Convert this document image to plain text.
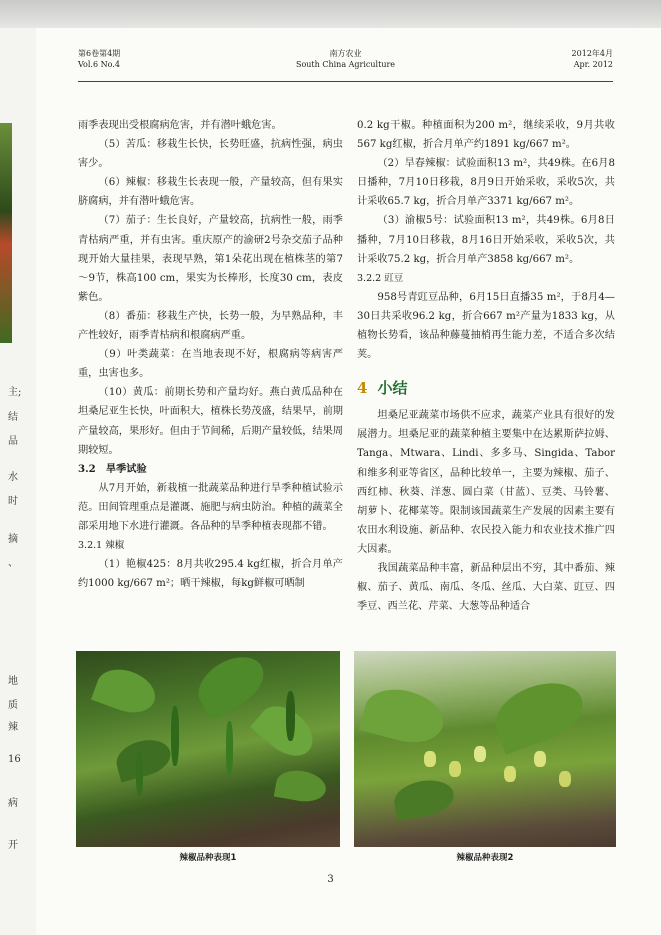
主;
结
品
水
时
摘
、
地
质
辣
16
病
开
第6卷第4期
Vol.6 No.4
南方农业
South China Agriculture
2012年4月
Apr. 2012

雨季表现出受根腐病危害，并有潜叶蛾危害。

（5）苦瓜：移栽生长快，长势旺盛，抗病性强，病虫害少。

（6）辣椒：移栽生长表现一般，产量较高，但有果实脐腐病，并有潜叶蛾危害。

（7）茄子：生长良好，产量较高，抗病性一般，雨季青枯病严重，并有虫害。重庆原产的渝研2号杂交茄子品种现开始大量挂果，表现早熟，第1朵花出现在植株茎的第7～9节，株高100 cm，果实为长棒形，长度30 cm，表皮紫色。

（8）番茄：移栽生产快，长势一般，为早熟品种，丰产性较好，雨季青枯病和根腐病严重。

（9）叶类蔬菜：在当地表现不好，根腐病等病害严重，虫害也多。

（10）黄瓜：前期长势和产量均好。燕白黄瓜品种在坦桑尼亚生长快，叶面积大，植株长势茂盛，结果早，前期产量较高，果形好。但由于节间稀，后期产量较低，结果周期较短。

3.2　旱季试验

从7月开始，新栽植一批蔬菜品种进行旱季种植试验示范。田间管理重点是灌溉、施肥与病虫防治。种植的蔬菜全部采用地下水进行灌溉。各品种的旱季种植表现都不错。

3.2.1 辣椒

（1）艳椒425：8月共收295.4 kg红椒，折合月单产约1000 kg/667 m²；晒干辣椒，每kg鲜椒可晒制

0.2 kg干椒。种植面积为200 m²，继续采收，9月共收567 kg红椒，折合月单产约1891 kg/667 m²。

（2）旱春辣椒：试验面积13 m²，共49株。在6月8日播种，7月10日移栽，8月9日开始采收，采收5次，共计采收65.7 kg，折合月单产3371 kg/667 m²。

（3）渝椒5号：试验面积13 m²，共49株。6月8日播种，7月10日移栽，8月16日开始采收，采收5次，共计采收75.2 kg，折合月单产3858 kg/667 m²。

3.2.2 豇豆

958号青豇豆品种，6月15日直播35 m²，于8月4—30日共采收96.2 kg，折合667 m²产量为1833 kg，从植物长势看，该品种藤蔓抽梢再生能力差，不适合多次结荚。

4 小结

坦桑尼亚蔬菜市场供不应求，蔬菜产业具有很好的发展潜力。坦桑尼亚的蔬菜种植主要集中在达累斯萨拉姆、Tanga、Mtwara、Lindi、多多马、Singida、Tabor和维多利亚等省区，品种比较单一，主要为辣椒、茄子、西红柿、秋葵、洋葱、圆白菜（甘蓝）、豆类、马铃薯、胡萝卜、花椰菜等。限制该国蔬菜生产发展的因素主要有农田水利设施、新品种、农民投入能力和农业技术推广四大因素。

我国蔬菜品种丰富，新品种层出不穷，其中番茄、辣椒、茄子、黄瓜、南瓜、冬瓜、丝瓜、大白菜、豇豆、四季豆、西兰花、芹菜、大葱等品种适合

辣椒品种表现1	辣椒品种表现2
3
